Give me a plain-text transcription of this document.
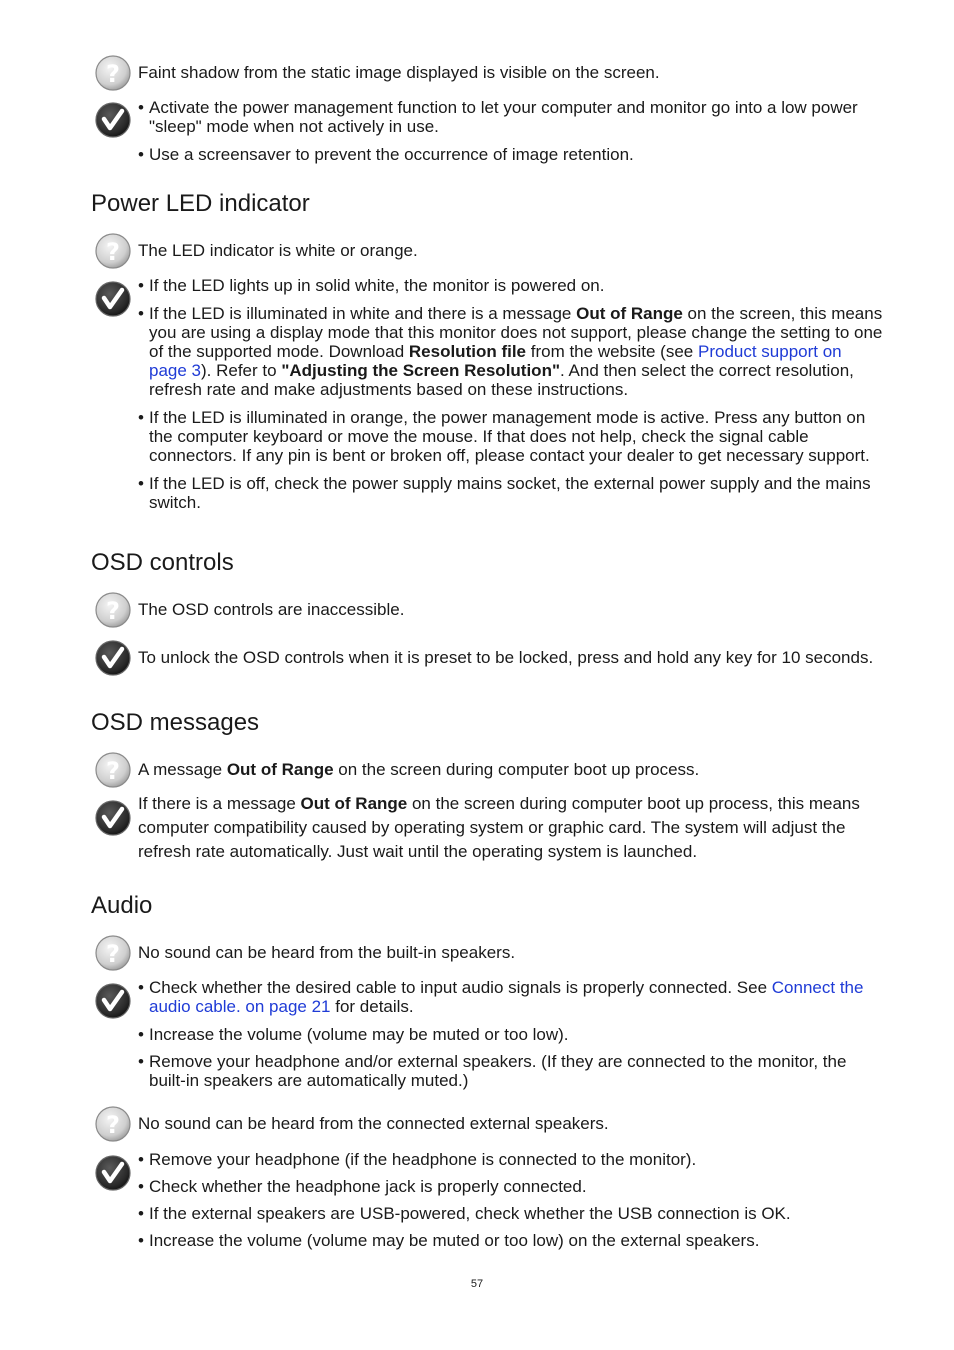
Faint shadow from the static image displayed is visible on the screen.
• Activate the power management function to let your computer and monitor go into a low power
"sleep" mode when not actively in use.
• Use a screensaver to prevent the occurrence of image retention.
Power LED indicator
The LED indicator is white or orange.
• If the LED lights up in solid white, the monitor is powered on.
• If the LED is illuminated in white and there is a message Out of Range on the screen, this means
you are using a display mode that this monitor does not support, please change the setting to one
of the supported mode. Download Resolution file from the website (see Product support on
page 3). Refer to "Adjusting the Screen Resolution". And then select the correct resolution,
refresh rate and make adjustments based on these instructions.
• If the LED is illuminated in orange, the power management mode is active. Press any button on
the computer keyboard or move the mouse. If that does not help, check the signal cable
connectors. If any pin is bent or broken off, please contact your dealer to get necessary support.
• If the LED is off, check the power supply mains socket, the external power supply and the mains
switch.
OSD controls
The OSD controls are inaccessible.
To unlock the OSD controls when it is preset to be locked, press and hold any key for 10 seconds.
OSD messages
A message Out of Range on the screen during computer boot up process.
If there is a message Out of Range on the screen during computer boot up process, this means
computer compatibility caused by operating system or graphic card. The system will adjust the
refresh rate automatically. Just wait until the operating system is launched.
Audio
No sound can be heard from the built-in speakers.
• Check whether the desired cable to input audio signals is properly connected. See Connect the
audio cable. on page 21 for details.
• Increase the volume (volume may be muted or too low).
• Remove your headphone and/or external speakers. (If they are connected to the monitor, the
built-in speakers are automatically muted.)
No sound can be heard from the connected external speakers.
• Remove your headphone (if the headphone is connected to the monitor).
• Check whether the headphone jack is properly connected.
• If the external speakers are USB-powered, check whether the USB connection is OK.
• Increase the volume (volume may be muted or too low) on the external speakers.
57
